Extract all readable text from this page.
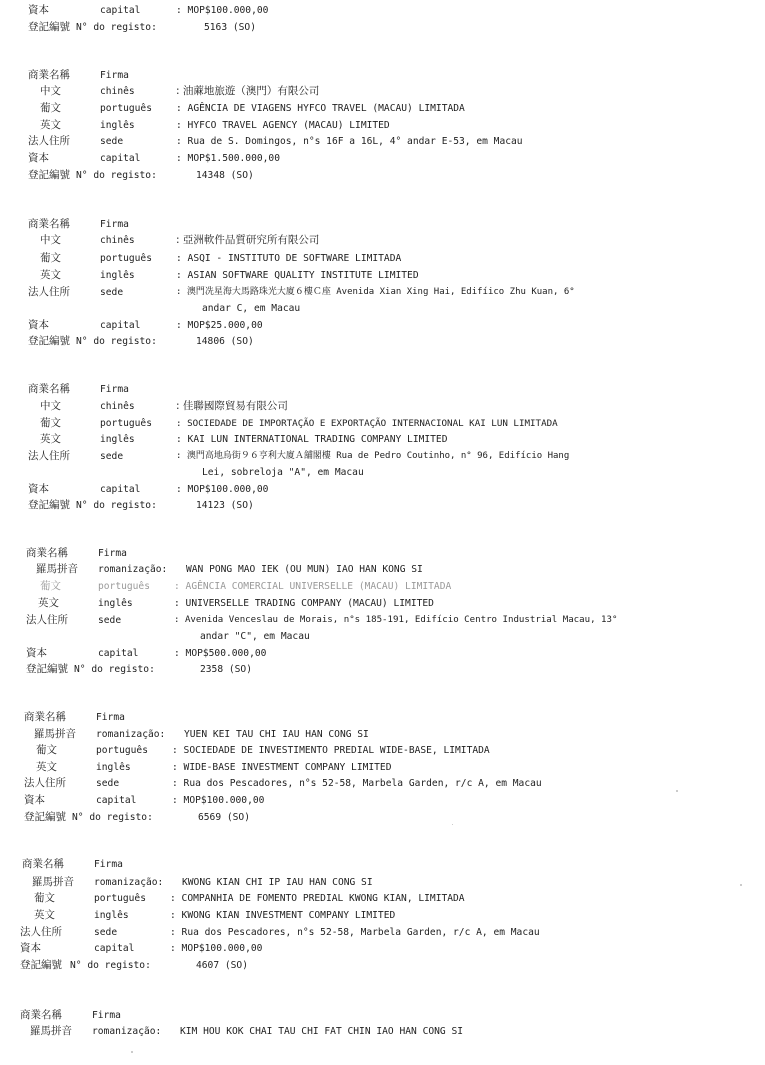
資本	capital	: MOP$100.000,00
登記編號 N° do registo:	5163 (SO)
商業名稱	Firma
中文	chinês	: 油蔴地旅遊（澳門）有限公司
葡文	português	: AGÊNCIA DE VIAGENS HYFCO TRAVEL (MACAU) LIMITADA
英文	inglês	: HYFCO TRAVEL AGENCY (MACAU) LIMITED
法人住所	sede	: Rua de S. Domingos, n°s 16F a 16L, 4° andar E-53, em Macau
資本	capital	: MOP$1.500.000,00
登記編號 N° do registo:	14348 (SO)
商業名稱	Firma
中文	chinês	: 亞洲軟件品質研究所有限公司
葡文	português	: ASQI - INSTITUTO DE SOFTWARE LIMITADA
英文	inglês	: ASIAN SOFTWARE QUALITY INSTITUTE LIMITED
法人住所	sede	: 澳門冼星海大馬路珠光大廈６樓Ｃ座 Avenida Xian Xing Hai, Edifíico Zhu Kuan, 6°
andar C, em Macau
資本	capital	: MOP$25.000,00
登記編號 N° do registo:	14806 (SO)
商業名稱	Firma
中文	chinês	: 佳聯國際貿易有限公司
葡文	português	: SOCIEDADE DE IMPORTAÇÃO E EXPORTAÇÃO INTERNACIONAL KAI LUN LIMITADA
英文	inglês	: KAI LUN INTERNATIONAL TRADING COMPANY LIMITED
法人住所	sede	: 澳門高地烏街９６亨利大廈Ａ舖閣樓 Rua de Pedro Coutinho, n° 96, Edifício Hang
Lei, sobreloja "A", em Macau
資本	capital	: MOP$100.000,00
登記編號 N° do registo:	14123 (SO)
商業名稱	Firma
羅馬拼音 romanização: WAN PONG MAO IEK (OU MUN) IAO HAN KONG SI
葡文	português	: AGÊNCIA COMERCIAL UNIVERSELLE (MACAU) LIMITADA
英文	inglês	: UNIVERSELLE TRADING COMPANY (MACAU) LIMITED
法人住所	sede	: Avenida Venceslau de Morais, n°s 185-191, Edifício Centro Industrial Macau, 13°
andar "C", em Macau
資本	capital	: MOP$500.000,00
登記編號 N° do registo:	2358 (SO)
商業名稱	Firma
羅馬拼音 romanização: YUEN KEI TAU CHI IAU HAN CONG SI
葡文	português	: SOCIEDADE DE INVESTIMENTO PREDIAL WIDE-BASE, LIMITADA
英文	inglês	: WIDE-BASE INVESTMENT COMPANY LIMITED
法人住所	sede	: Rua dos Pescadores, n°s 52-58, Marbela Garden, r/c A, em Macau
資本	capital	: MOP$100.000,00
登記編號 N° do registo:	6569 (SO)
商業名稱	Firma
羅馬拼音 romanização: KWONG KIAN CHI IP IAU HAN CONG SI
葡文	português	: COMPANHIA DE FOMENTO PREDIAL KWONG KIAN, LIMITADA
英文	inglês	: KWONG KIAN INVESTMENT COMPANY LIMITED
法人住所	sede	: Rua dos Pescadores, n°s 52-58, Marbela Garden, r/c A, em Macau
資本	capital	: MOP$100.000,00
登記編號 N° do registo:	4607 (SO)
商業名稱	Firma
羅馬拼音 romanização: KIM HOU KOK CHAI TAU CHI FAT CHIN IAO HAN CONG SI
